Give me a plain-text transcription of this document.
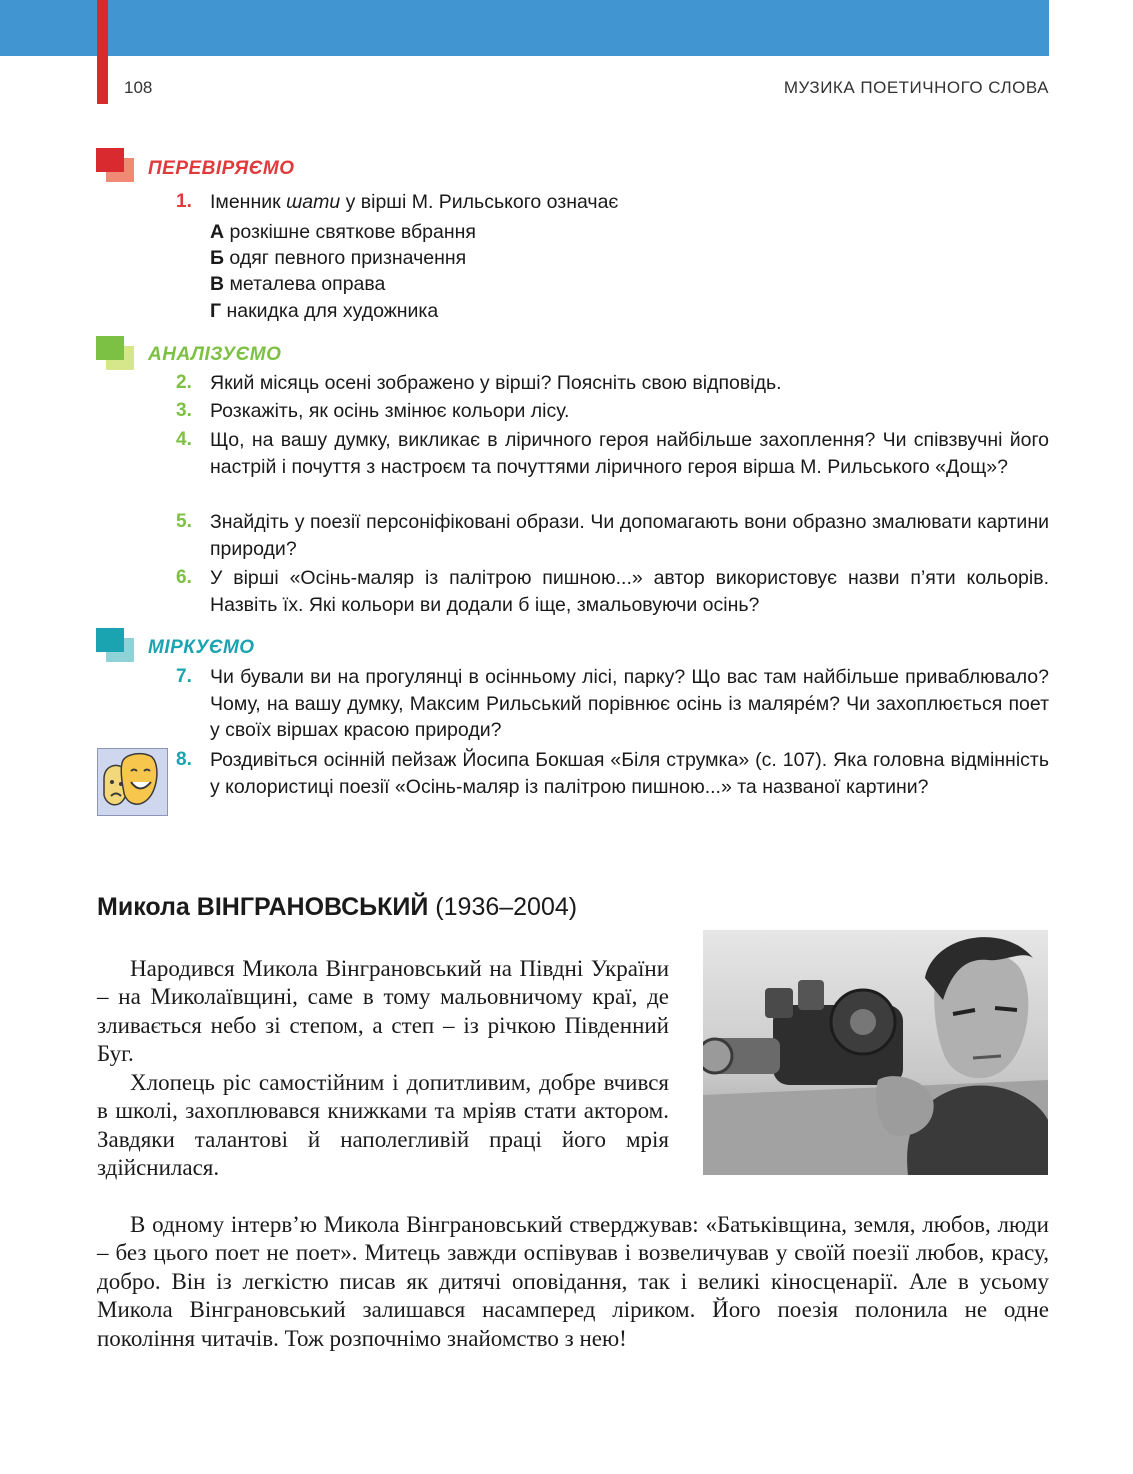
108	МУЗИКА ПОЕТИЧНОГО СЛОВА
ПЕРЕВІРЯЄМО
1. Іменник шати у вірші М. Рильського означає
А розкішне святкове вбрання
Б одяг певного призначення
В металева оправа
Г накидка для художника
АНАЛІЗУЄМО
2. Який місяць осені зображено у вірші? Поясніть свою відповідь.
3. Розкажіть, як осінь змінює кольори лісу.
4. Що, на вашу думку, викликає в ліричного героя найбільше захоплення? Чи співзвучні його настрій і почуття з настроєм та почуттями ліричного героя вірша М. Рильського «Дощ»?
5. Знайдіть у поезії персоніфіковані образи. Чи допомагають вони образно змалювати картини природи?
6. У вірші «Осінь-маляр із палітрою пишною...» автор використовує назви п’яти кольорів. Назвіть їх. Які кольори ви додали б іще, змальовуючи осінь?
МІРКУЄМО
7. Чи бували ви на прогулянці в осінньому лісі, парку? Що вас там найбільше приваблювало? Чому, на вашу думку, Максим Рильський порівнює осінь із маляре́м? Чи захоплюється поет у своїх віршах красою природи?
8. Роздивіться осінній пейзаж Йосипа Бокшая «Біля струмка» (с. 107). Яка головна відмінність у колористиці поезії «Осінь-маляр із палітрою пишною...» та названої картини?
Микола ВІНГРАНОВСЬКИЙ (1936–2004)

Народився Микола Вінграновський на Півдні України – на Миколаївщині, саме в тому мальовничому краї, де зливається небо зі степом, а степ – із річкою Південний Буг.

Хлопець ріс самостійним і допитливим, добре вчився в школі, захоплювався книжками та мріяв стати актором. Завдяки талантові й наполегливій праці його мрія здійснилася.

В одному інтерв’ю Микола Вінграновський стверджував: «Батьківщина, земля, любов, люди – без цього поет не поет». Митець завжди оспівував і возвеличував у своїй поезії любов, красу, добро. Він із легкістю писав як дитячі оповідання, так і великі кіносценарії. Але в усьому Микола Вінграновський залишався насамперед ліриком. Його поезія полонила не одне покоління читачів. Тож розпочнімо знайомство з нею!
